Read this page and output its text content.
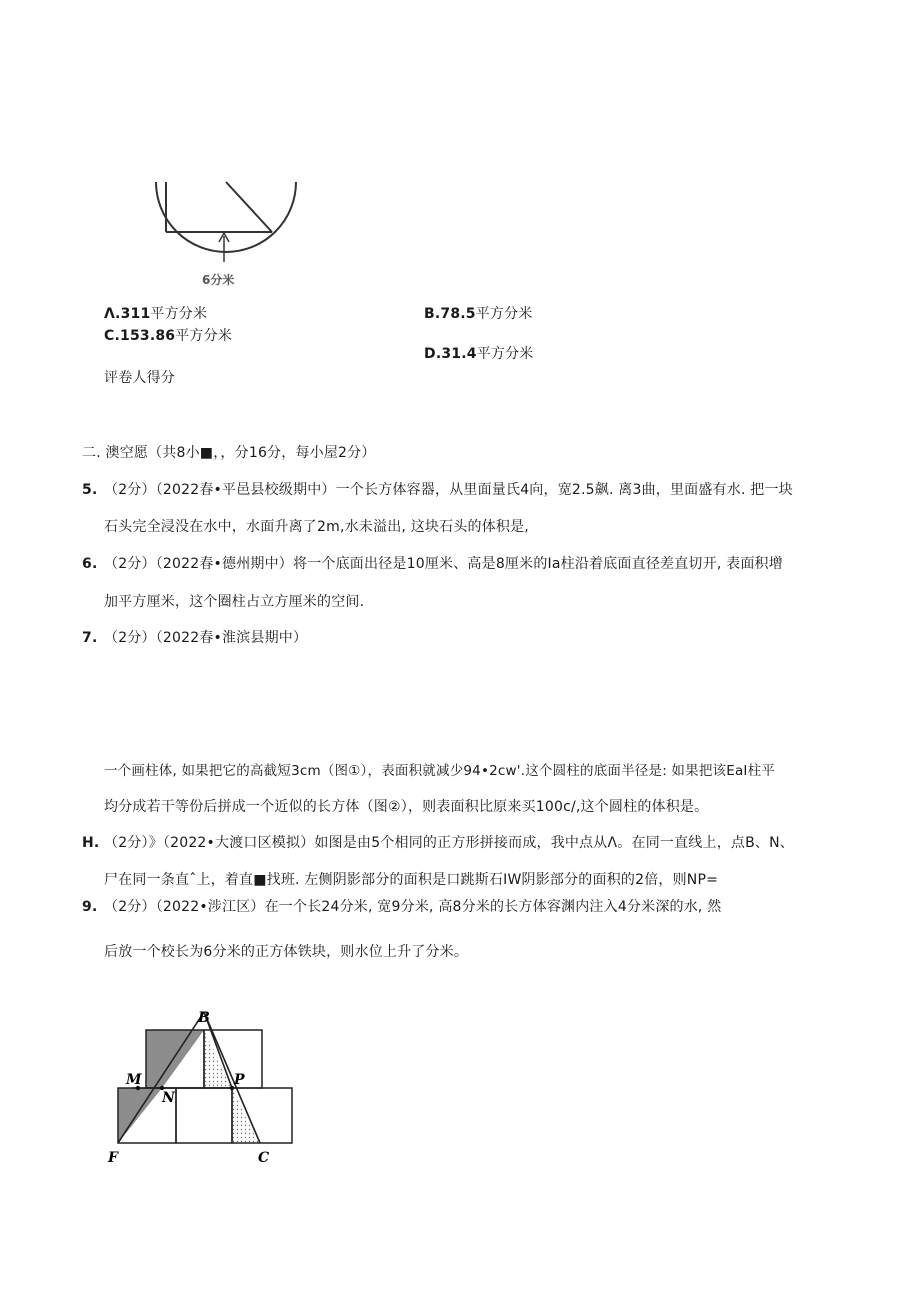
6分米
Λ.311平方分米	B.78.5平方分米
C.153.86平方分米
D.31.4平方分米
评卷人得分
二. 澳空愿（共8小■，，分16分，每小屋2分）
5. （2分）（2022春•平邑县校级期中）一个长方体容器，从里面量氏4向，宽2.5飙. 离3曲，里面盛有水. 把一块
石头完全浸没在水中，水面升离了2m,水未溢出, 这块石头的体积是,
6. （2分）（2022春•德州期中）将一个底面出径是10厘米、高是8厘米的Ia柱沿着底面直径差直切开, 表面积增
加平方厘米，这个圈柱占立方厘米的空间.
7. （2分）（2022春•淮滨县期中）
一个画柱体, 如果把它的高截短3cm（图①），表面积就减少94•2cw'.这个圆柱的底面半径是: 如果把该EaI柱平
均分成若干等份后拼成一个近似的长方体（图②），则表面积比原来买100c/,这个圆柱的体积是。
H. （2分）》（2022•大渡口区模拟）如图是由5个相同的正方形拼接而成，我中点从Λ。在同一直线上，点B、N、
尸在同一条直ˆ上，着直■找班. 左侧阴影部分的面积是口跳斯石IW阴影部分的面积的2倍，则NP=
9. （2分）（2022•涉江区）在一个长24分米, 宽9分米, 高8分米的长方体容渊内注入4分米深的水, 然
后放一个校长为6分米的正方体铁块，则水位上升了分米。
B
M
N
P
F	C
